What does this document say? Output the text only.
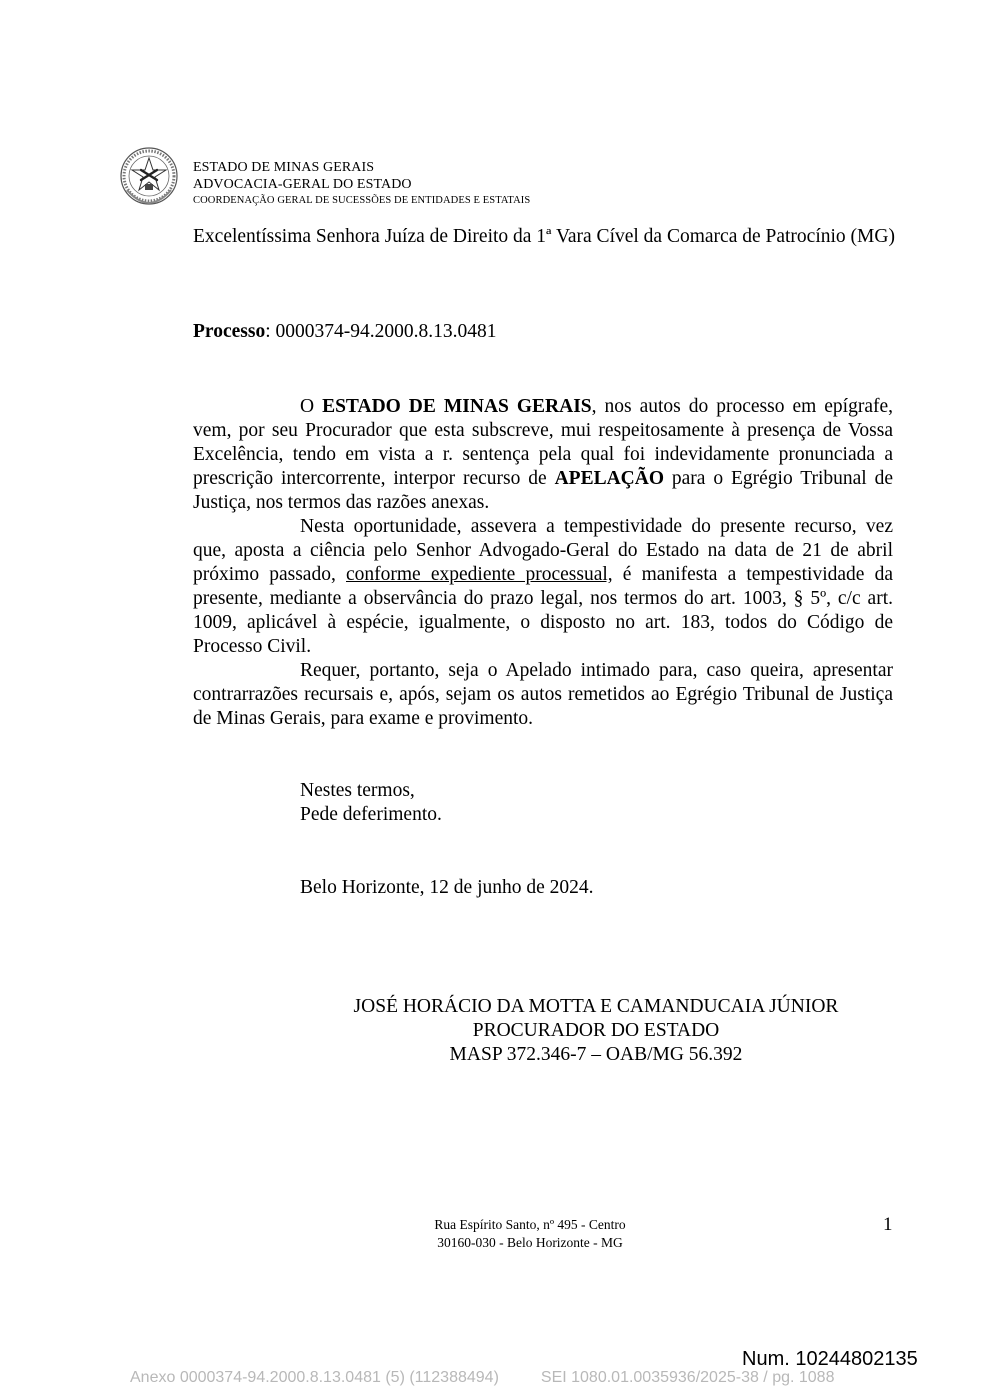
ESTADO DE MINAS GERAIS
ADVOCACIA-GERAL DO ESTADO
COORDENAÇÃO GERAL DE SUCESSÕES DE ENTIDADES E ESTATAIS
Excelentíssima Senhora Juíza de Direito da 1ª Vara Cível da Comarca de Patrocínio (MG)
Processo: 0000374-94.2000.8.13.0481

O ESTADO DE MINAS GERAIS, nos autos do processo em epígrafe, vem, por seu Procurador que esta subscreve, mui respeitosamente à presença de Vossa Excelência, tendo em vista a r. sentença pela qual foi indevidamente pronunciada a prescrição intercorrente, interpor recurso de APELAÇÃO para o Egrégio Tribunal de Justiça, nos termos das razões anexas.

Nesta oportunidade, assevera a tempestividade do presente recurso, vez que, aposta a ciência pelo Senhor Advogado-Geral do Estado na data de 21 de abril próximo passado, conforme expediente processual, é manifesta a tempestividade da presente, mediante a observância do prazo legal, nos termos do art. 1003, § 5º, c/c art. 1009, aplicável à espécie, igualmente, o disposto no art. 183, todos do Código de Processo Civil.

Requer, portanto, seja o Apelado intimado para, caso queira, apresentar contrarrazões recursais e, após, sejam os autos remetidos ao Egrégio Tribunal de Justiça de Minas Gerais, para exame e provimento.

Nestes termos,
Pede deferimento.
Belo Horizonte, 12 de junho de 2024.
JOSÉ HORÁCIO DA MOTTA E CAMANDUCAIA JÚNIOR
PROCURADOR DO ESTADO
MASP 372.346-7 – OAB/MG 56.392
Rua Espírito Santo, nº 495 - Centro
30160-030 - Belo Horizonte - MG
1
Num. 10244802135
Anexo 0000374-94.2000.8.13.0481 (5) (112388494)	SEI 1080.01.0035936/2025-38 / pg. 1088
